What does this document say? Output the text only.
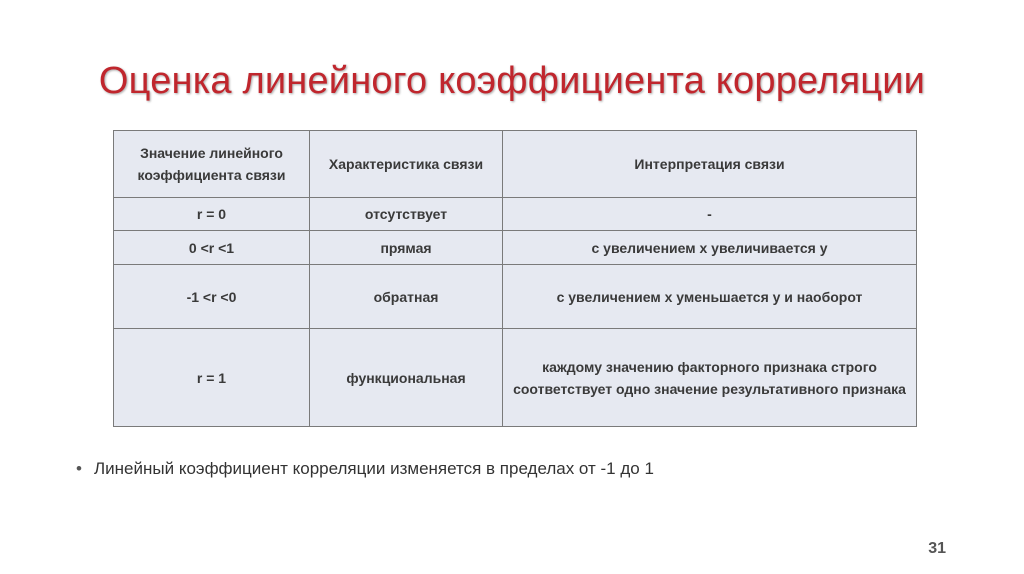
Оценка линейного коэффициента корреляции
Значение линейного коэффициента связи	Характеристика связи	Интерпретация связи
r = 0	отсутствует	-
0 <r <1	прямая	с увеличением х увеличивается у
-1 <r <0	обратная	с увеличением х уменьшается у и наоборот
r = 1	функциональная	каждому значению факторного признака строго соответствует одно значение результативного признака
• Линейный коэффициент корреляции изменяется в пределах от -1 до 1
31
